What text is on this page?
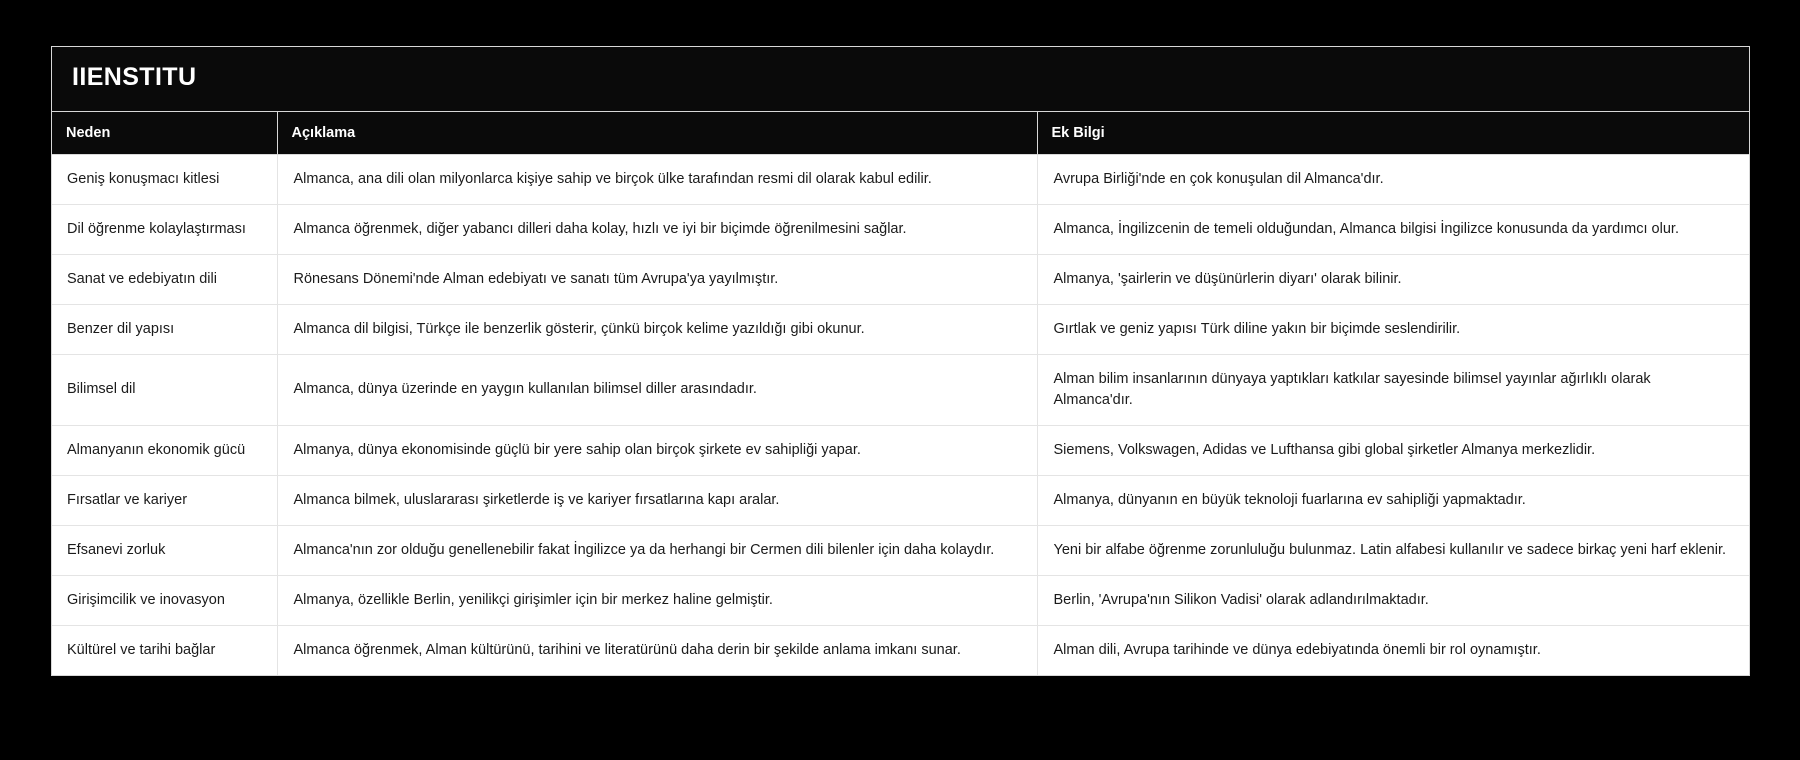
IIENSTITU
Neden	Açıklama	Ek Bilgi
Geniş konuşmacı kitlesi	Almanca, ana dili olan milyonlarca kişiye sahip ve birçok ülke tarafından resmi dil olarak kabul edilir.	Avrupa Birliği'nde en çok konuşulan dil Almanca'dır.
Dil öğrenme kolaylaştırması	Almanca öğrenmek, diğer yabancı dilleri daha kolay, hızlı ve iyi bir biçimde öğrenilmesini sağlar.	Almanca, İngilizcenin de temeli olduğundan, Almanca bilgisi İngilizce konusunda da yardımcı olur.
Sanat ve edebiyatın dili	Rönesans Dönemi'nde Alman edebiyatı ve sanatı tüm Avrupa'ya yayılmıştır.	Almanya, 'şairlerin ve düşünürlerin diyarı' olarak bilinir.
Benzer dil yapısı	Almanca dil bilgisi, Türkçe ile benzerlik gösterir, çünkü birçok kelime yazıldığı gibi okunur.	Gırtlak ve geniz yapısı Türk diline yakın bir biçimde seslendirilir.
Bilimsel dil	Almanca, dünya üzerinde en yaygın kullanılan bilimsel diller arasındadır.	Alman bilim insanlarının dünyaya yaptıkları katkılar sayesinde bilimsel yayınlar ağırlıklı olarak Almanca'dır.
Almanyanın ekonomik gücü	Almanya, dünya ekonomisinde güçlü bir yere sahip olan birçok şirkete ev sahipliği yapar.	Siemens, Volkswagen, Adidas ve Lufthansa gibi global şirketler Almanya merkezlidir.
Fırsatlar ve kariyer	Almanca bilmek, uluslararası şirketlerde iş ve kariyer fırsatlarına kapı aralar.	Almanya, dünyanın en büyük teknoloji fuarlarına ev sahipliği yapmaktadır.
Efsanevi zorluk	Almanca'nın zor olduğu genellenebilir fakat İngilizce ya da herhangi bir Cermen dili bilenler için daha kolaydır.	Yeni bir alfabe öğrenme zorunluluğu bulunmaz. Latin alfabesi kullanılır ve sadece birkaç yeni harf eklenir.
Girişimcilik ve inovasyon	Almanya, özellikle Berlin, yenilikçi girişimler için bir merkez haline gelmiştir.	Berlin, 'Avrupa'nın Silikon Vadisi' olarak adlandırılmaktadır.
Kültürel ve tarihi bağlar	Almanca öğrenmek, Alman kültürünü, tarihini ve literatürünü daha derin bir şekilde anlama imkanı sunar.	Alman dili, Avrupa tarihinde ve dünya edebiyatında önemli bir rol oynamıştır.
